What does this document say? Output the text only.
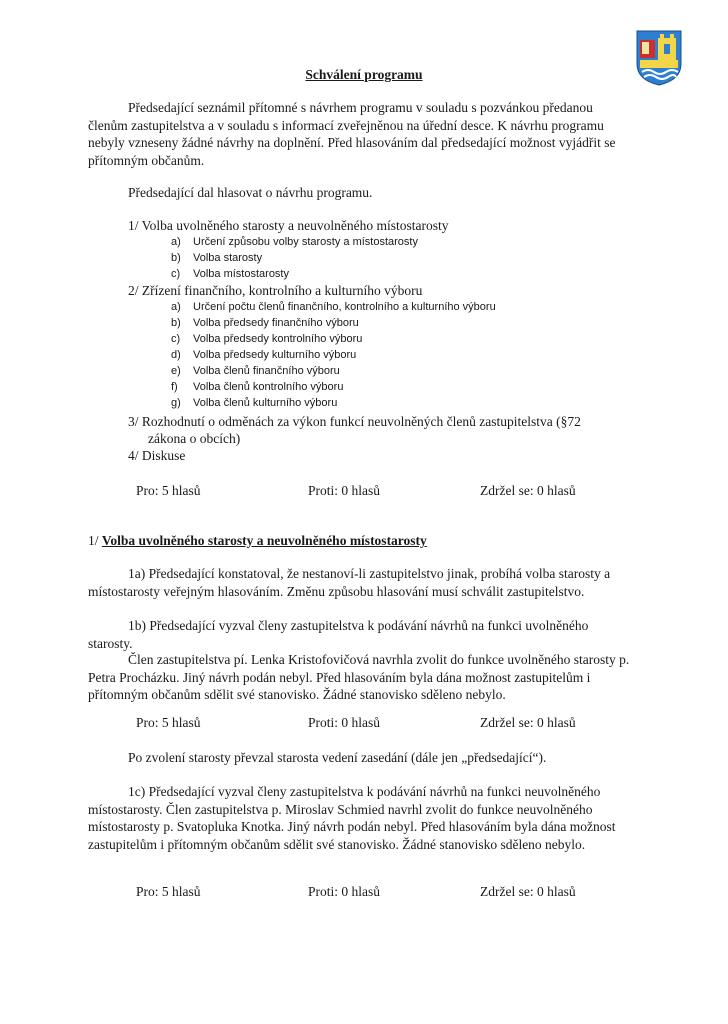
Schválení programu
Předsedající seznámil přítomné s návrhem programu v souladu s pozvánkou předanou členům zastupitelstva a v souladu s informací zveřejněnou na úřední desce. K návrhu programu nebyly vzneseny žádné návrhy na doplnění. Před hlasováním dal předsedající možnost vyjádřit se přítomným občanům.
Předsedající dal hlasovat o návrhu programu.
1/ Volba uvolněného starosty a neuvolněného místostarosty
a) Určení způsobu volby starosty a místostarosty
b) Volba starosty
c) Volba místostarosty
2/ Zřízení finančního, kontrolního a kulturního výboru
a) Určení počtu členů finančního, kontrolního a kulturního výboru
b) Volba předsedy finančního výboru
c) Volba předsedy kontrolního výboru
d) Volba předsedy kulturního výboru
e) Volba členů finančního výboru
f) Volba členů kontrolního výboru
g) Volba členů kulturního výboru
3/ Rozhodnutí o odměnách za výkon funkcí neuvolněných členů zastupitelstva (§72
zákona o obcích)
4/ Diskuse
Pro: 5 hlasů	Proti: 0 hlasů	Zdržel se: 0 hlasů
1/ Volba uvolněného starosty a neuvolněného místostarosty
1a) Předsedající konstatoval, že nestanoví-li zastupitelstvo jinak, probíhá volba starosty a místostarosty veřejným hlasováním. Změnu způsobu hlasování musí schválit zastupitelstvo.
1b) Předsedající vyzval členy zastupitelstva k podávání návrhů na funkci uvolněného starosty.
Člen zastupitelstva pí. Lenka Kristofovičová navrhla zvolit do funkce uvolněného starosty p. Petra Procházku. Jiný návrh podán nebyl. Před hlasováním byla dána možnost zastupitelům i přítomným občanům sdělit své stanovisko. Žádné stanovisko sděleno nebylo.
Pro: 5 hlasů	Proti: 0 hlasů	Zdržel se: 0 hlasů
Po zvolení starosty převzal starosta vedení zasedání (dále jen „předsedající“).
1c) Předsedající vyzval členy zastupitelstva k podávání návrhů na funkci neuvolněného místostarosty. Člen zastupitelstva p. Miroslav Schmied navrhl zvolit do funkce neuvolněného místostarosty p. Svatopluka Knotka. Jiný návrh podán nebyl. Před hlasováním byla dána možnost zastupitelům i přítomným občanům sdělit své stanovisko. Žádné stanovisko sděleno nebylo.
Pro: 5 hlasů	Proti: 0 hlasů	Zdržel se: 0 hlasů
